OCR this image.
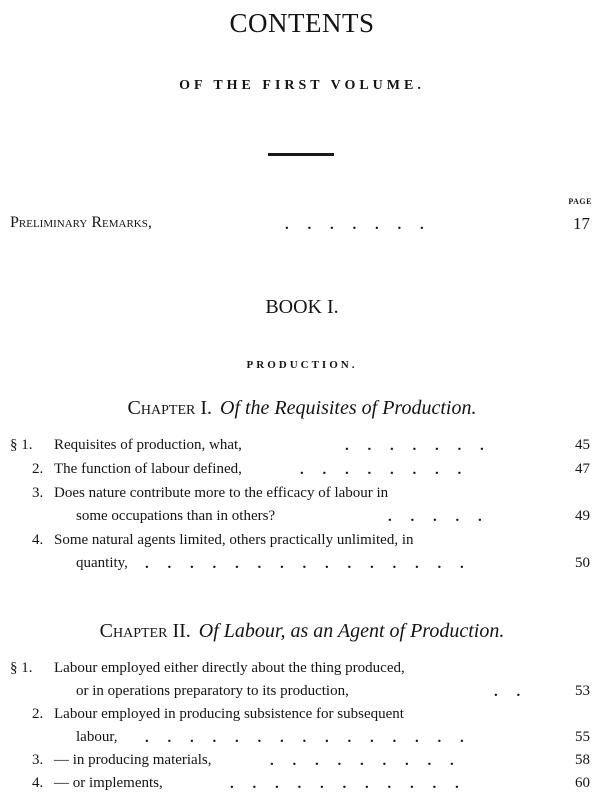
CONTENTS
OF THE FIRST VOLUME.
PAGE
Preliminary Remarks,	.     .     .     .     .     .     .	17
BOOK I.
PRODUCTION.
Chapter I. Of the Requisites of Production.
§ 1. Requisites of production, what,	.     .     .     .     .     .     .	45
2. The function of labour defined,	.     .     .     .     .     .     .     .	47
3. Does nature contribute more to the efficacy of labour in
some occupations than in others?	.     .     .     .     .	49
4. Some natural agents limited, others practically unlimited, in
quantity, .     .     .     .     .     .     .     .     .     .     .     .     .     .     .	50
Chapter II. Of Labour, as an Agent of Production.
§ 1. Labour employed either directly about the thing produced,
or in operations preparatory to its production,	.     .	53
2. Labour employed in producing subsistence for subsequent
labour, .     .     .     .     .     .     .     .     .     .     .     .     .     .     .	55
3. — in producing materials,	.     .     .     .     .     .     .     .     .	58
4. — or implements,	.     .     .     .     .     .     .     .     .     .     .	60
